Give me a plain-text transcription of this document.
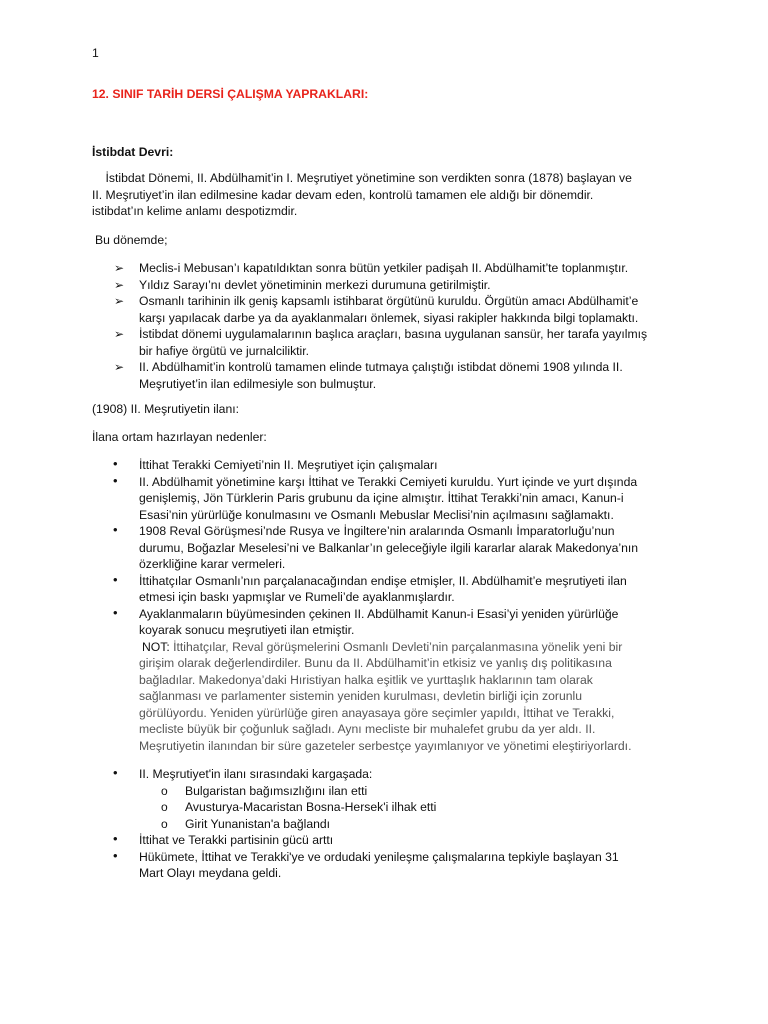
1
12. SINIF TARİH DERSİ ÇALIŞMA YAPRAKLARI:
İstibdat Devri:
İstibdat Dönemi, II. Abdülhamit’in I. Meşrutiyet yönetimine son verdikten sonra (1878) başlayan ve
II. Meşrutiyet’in ilan edilmesine kadar devam eden, kontrolü tamamen ele aldığı bir dönemdir.
istibdat’ın kelime anlamı despotizmdir.
Bu dönemde;
➢ Meclis-i Mebusan’ı kapatıldıktan sonra bütün yetkiler padişah II. Abdülhamit’te toplanmıştır.
➢ Yıldız Sarayı’nı devlet yönetiminin merkezi durumuna getirilmiştir.
➢ Osmanlı tarihinin ilk geniş kapsamlı istihbarat örgütünü kuruldu. Örgütün amacı Abdülhamit’e
karşı yapılacak darbe ya da ayaklanmaları önlemek, siyasi rakipler hakkında bilgi toplamaktı.
➢ İstibdat dönemi uygulamalarının başlıca araçları, basına uygulanan sansür, her tarafa yayılmış
bir hafiye örgütü ve jurnalciliktir.
➢ II. Abdülhamit’in kontrolü tamamen elinde tutmaya çalıştığı istibdat dönemi 1908 yılında II.
Meşrutiyet’in ilan edilmesiyle son bulmuştur.
(1908) II. Meşrutiyetin ilanı:
İlana ortam hazırlayan nedenler:
• İttihat Terakki Cemiyeti’nin II. Meşrutiyet için çalışmaları
• II. Abdülhamit yönetimine karşı İttihat ve Terakki Cemiyeti kuruldu. Yurt içinde ve yurt dışında
genişlemiş, Jön Türklerin Paris grubunu da içine almıştır. İttihat Terakki’nin amacı, Kanun-i
Esasi’nin yürürlüğe konulmasını ve Osmanlı Mebuslar Meclisi’nin açılmasını sağlamaktı.
• 1908 Reval Görüşmesi’nde Rusya ve İngiltere’nin aralarında Osmanlı İmparatorluğu’nun
durumu, Boğazlar Meselesi’ni ve Balkanlar’ın geleceğiyle ilgili kararlar alarak Makedonya’nın
özerkliğine karar vermeleri.
• İttihatçılar Osmanlı’nın parçalanacağından endişe etmişler, II. Abdülhamit’e meşrutiyeti ilan
etmesi için baskı yapmışlar ve Rumeli’de ayaklanmışlardır.
• Ayaklanmaların büyümesinden çekinen II. Abdülhamit Kanun-i Esasi’yi yeniden yürürlüğe
koyarak sonucu meşrutiyeti ilan etmiştir.
NOT: İttihatçılar, Reval görüşmelerini Osmanlı Devleti’nin parçalanmasına yönelik yeni bir
girişim olarak değerlendirdiler. Bunu da II. Abdülhamit’in etkisiz ve yanlış dış politikasına
bağladılar. Makedonya’daki Hıristiyan halka eşitlik ve yurttaşlık haklarının tam olarak
sağlanması ve parlamenter sistemin yeniden kurulması, devletin birliği için zorunlu
görülüyordu. Yeniden yürürlüğe giren anayasaya göre seçimler yapıldı, İttihat ve Terakki,
mecliste büyük bir çoğunluk sağladı. Aynı mecliste bir muhalefet grubu da yer aldı. II.
Meşrutiyetin ilanından bir süre gazeteler serbestçe yayımlanıyor ve yönetimi eleştiriyorlardı.
• II. Meşrutiyet'in ilanı sırasındaki kargaşada:
o Bulgaristan bağımsızlığını ilan etti
o Avusturya-Macaristan Bosna-Hersek'i ilhak etti
o Girit Yunanistan'a bağlandı
• İttihat ve Terakki partisinin gücü arttı
• Hükümete, İttihat ve Terakki'ye ve ordudaki yenileşme çalışmalarına tepkiyle başlayan 31
Mart Olayı meydana geldi.
